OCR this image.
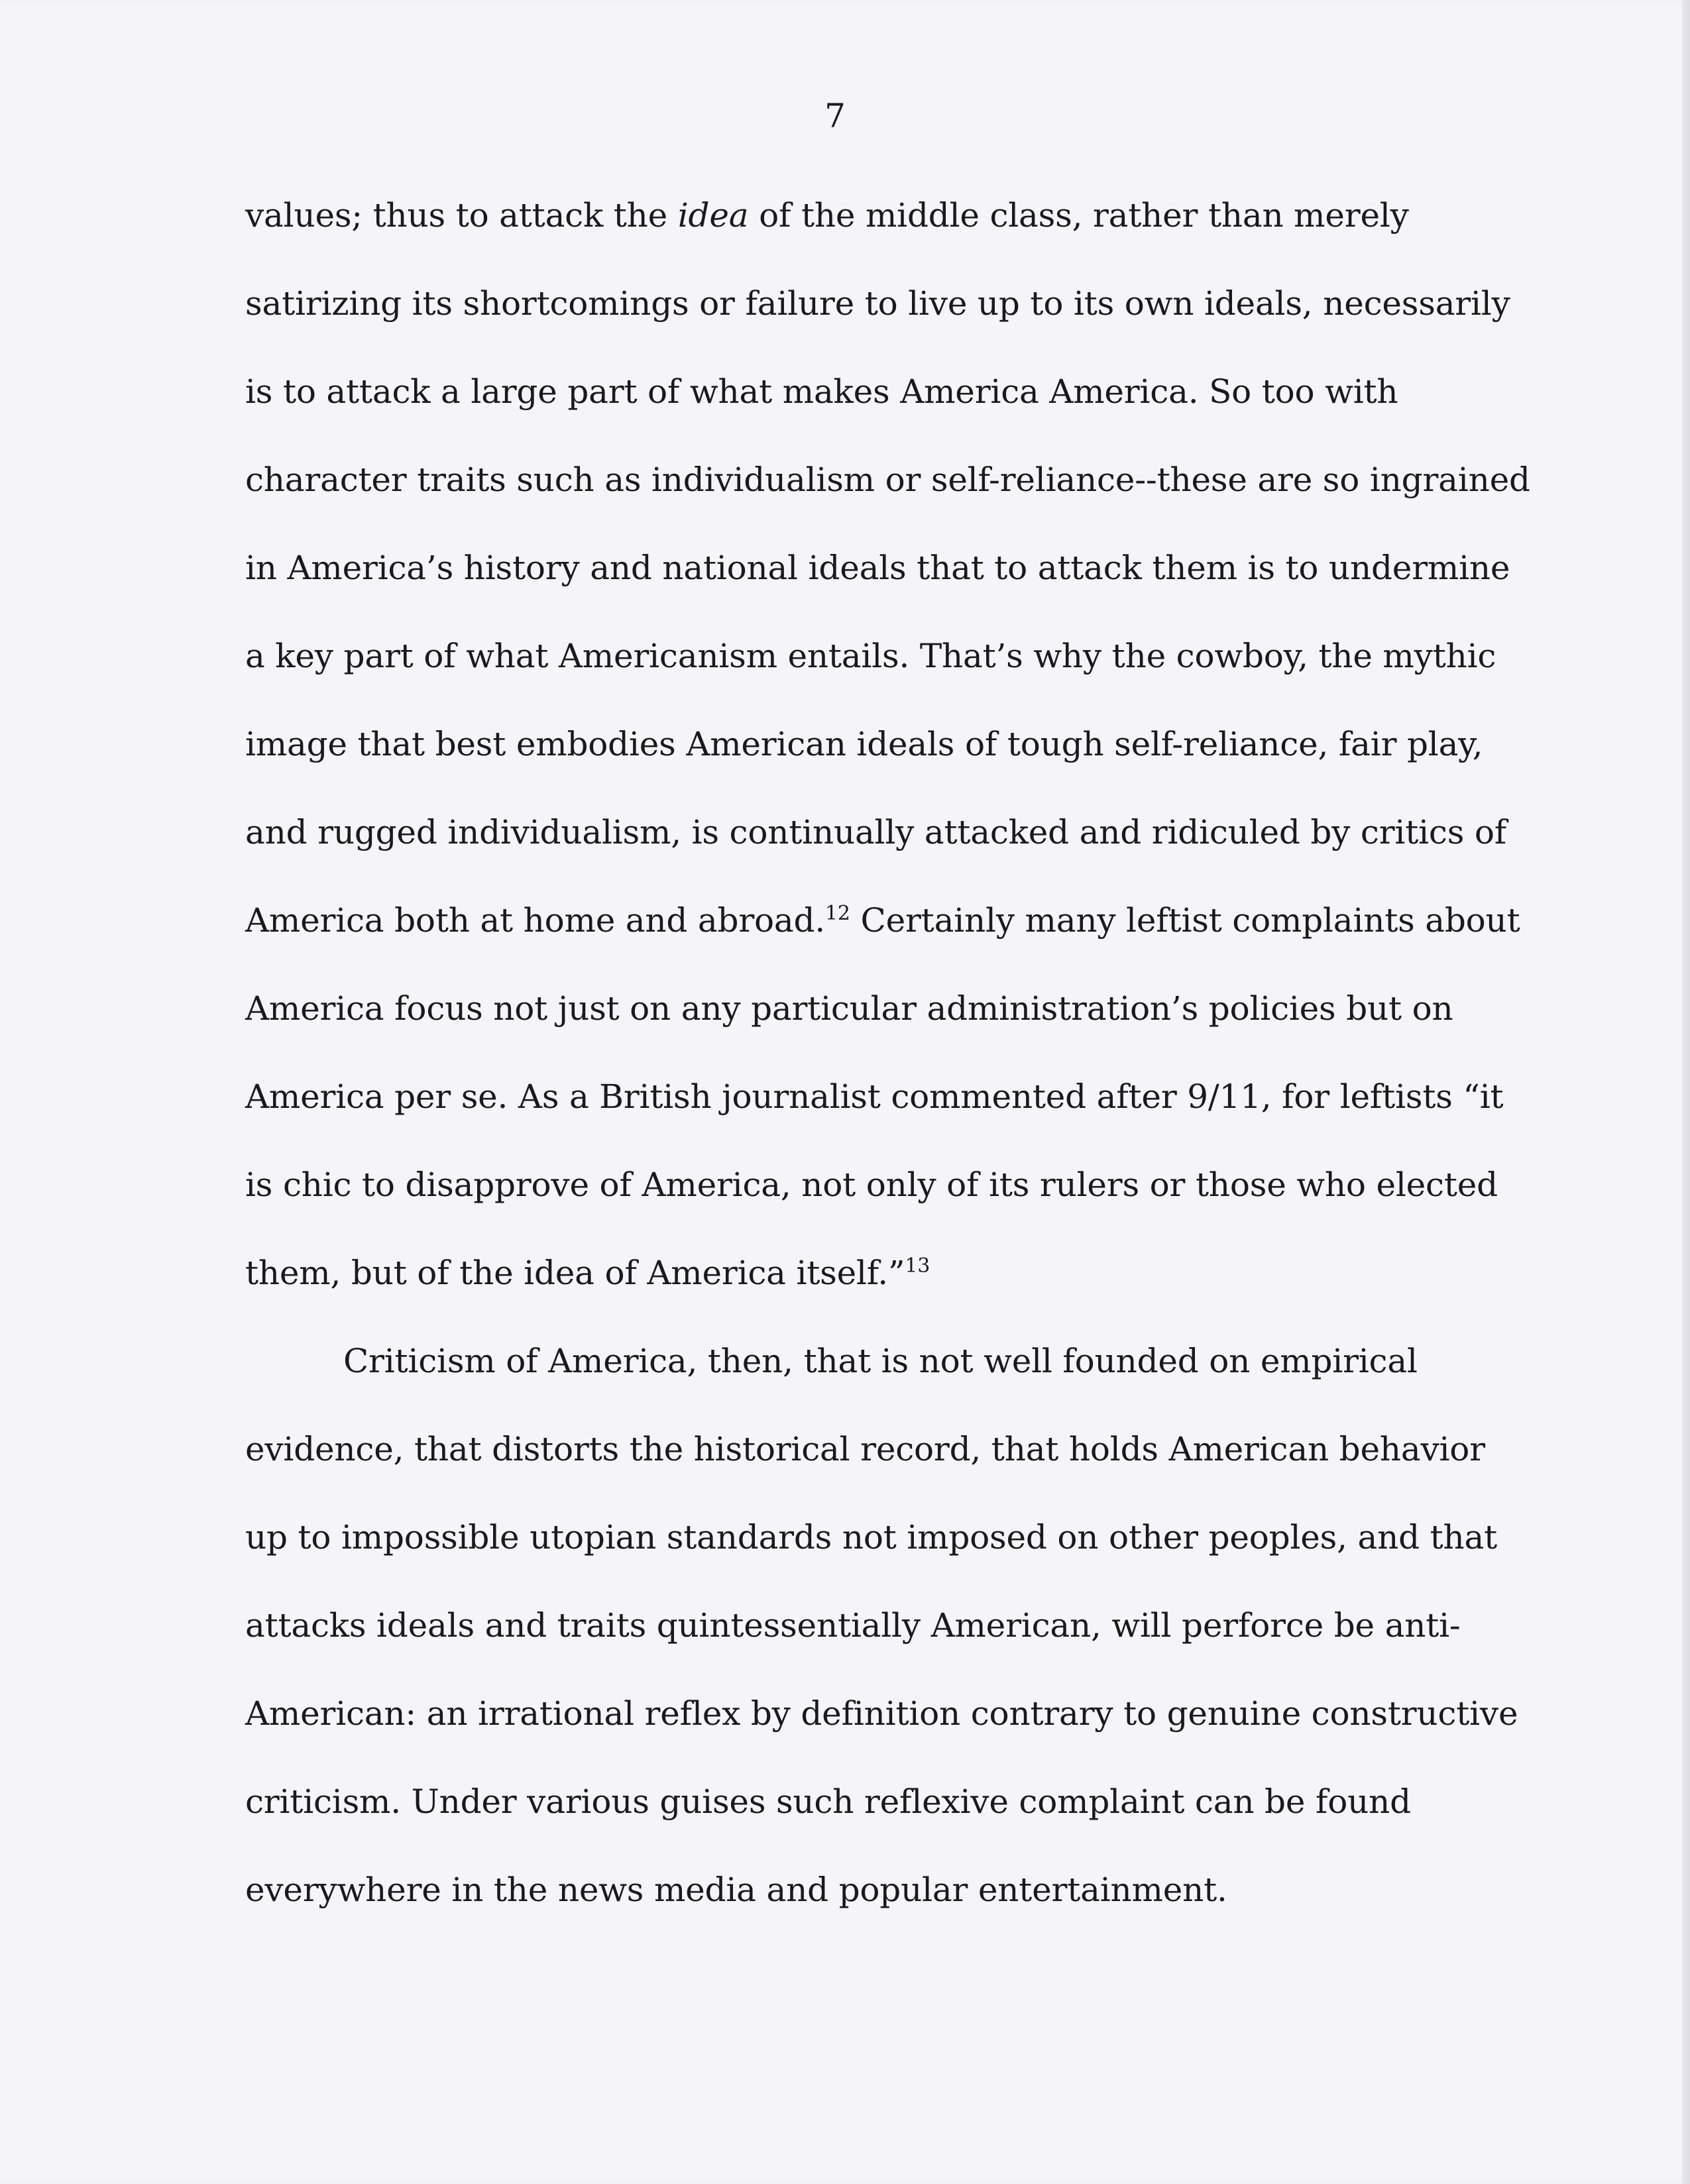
7
values; thus to attack the idea of the middle class, rather than merely
satirizing its shortcomings or failure to live up to its own ideals, necessarily
is to attack a large part of what makes America America. So too with
character traits such as individualism or self-reliance--these are so ingrained
in America’s history and national ideals that to attack them is to undermine
a key part of what Americanism entails. That’s why the cowboy, the mythic
image that best embodies American ideals of tough self-reliance, fair play,
and rugged individualism, is continually attacked and ridiculed by critics of
America both at home and abroad.$^{12}$ Certainly many leftist complaints about
America focus not just on any particular administration’s policies but on
America per se. As a British journalist commented after 9/11, for leftists “it
is chic to disapprove of America, not only of its rulers or those who elected
them, but of the idea of America itself.”$^{13}$
Criticism of America, then, that is not well founded on empirical
evidence, that distorts the historical record, that holds American behavior
up to impossible utopian standards not imposed on other peoples, and that
attacks ideals and traits quintessentially American, will perforce be anti-
American: an irrational reflex by definition contrary to genuine constructive
criticism. Under various guises such reflexive complaint can be found
everywhere in the news media and popular entertainment.
